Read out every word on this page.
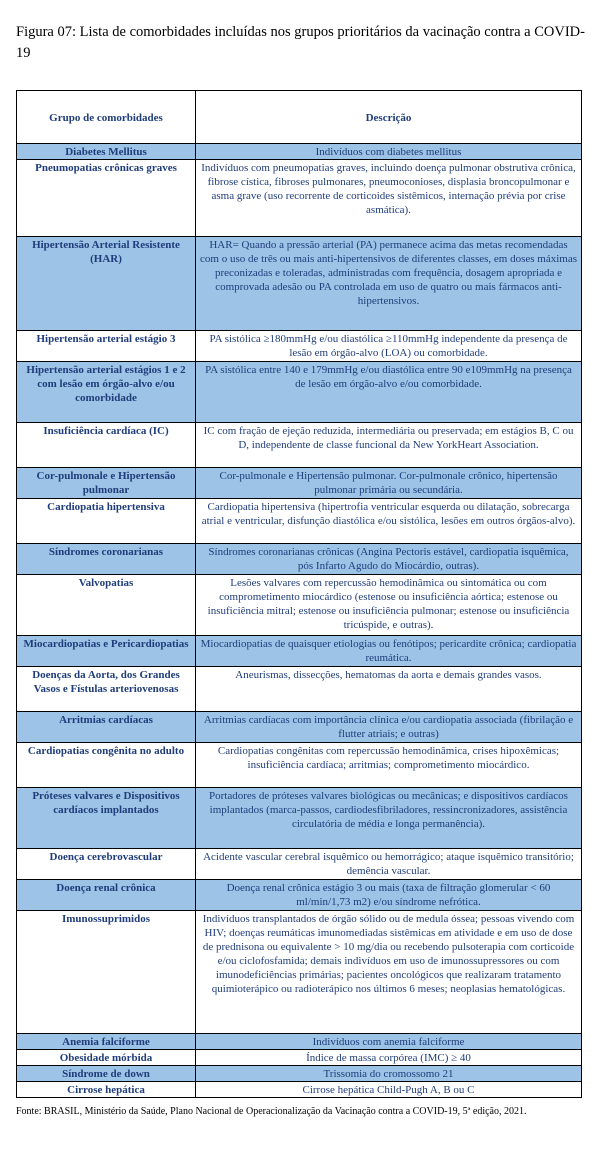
Figura 07: Lista de comorbidades incluídas nos grupos prioritários da vacinação contra a COVID-19
Grupo de comorbidades	Descrição
Diabetes Mellitus	Indivíduos com diabetes mellitus
Pneumopatias crônicas graves	Indivíduos com pneumopatias graves, incluindo doença pulmonar obstrutiva crônica, fibrose cística, fibroses pulmonares, pneumoconioses, displasia broncopulmonar e asma grave (uso recorrente de corticoides sistêmicos, internação prévia por crise asmática).
Hipertensão Arterial Resistente (HAR)	HAR= Quando a pressão arterial (PA) permanece acima das metas recomendadas com o uso de três ou mais anti-hipertensivos de diferentes classes, em doses máximas preconizadas e toleradas, administradas com frequência, dosagem apropriada e comprovada adesão ou PA controlada em uso de quatro ou mais fármacos anti-hipertensivos.
Hipertensão arterial estágio 3	PA sistólica ≥180mmHg e/ou diastólica ≥110mmHg independente da presença de lesão em órgão-alvo (LOA) ou comorbidade.
Hipertensão arterial estágios 1 e 2 com lesão em órgão-alvo e/ou comorbidade	PA sistólica entre 140 e 179mmHg e/ou diastólica entre 90 e109mmHg na presença de lesão em órgão-alvo e/ou comorbidade.
Insuficiência cardíaca (IC)	IC com fração de ejeção reduzida, intermediária ou preservada; em estágios B, C ou D, independente de classe funcional da New YorkHeart Association.
Cor-pulmonale e Hipertensão pulmonar	Cor-pulmonale e Hipertensão pulmonar. Cor-pulmonale crônico, hipertensão pulmonar primária ou secundária.
Cardiopatia hipertensiva	Cardiopatia hipertensiva (hipertrofia ventricular esquerda ou dilatação, sobrecarga atrial e ventricular, disfunção diastólica e/ou sistólica, lesões em outros órgãos-alvo).
Síndromes coronarianas	Síndromes coronarianas crônicas (Angina Pectoris estável, cardiopatia isquêmica, pós Infarto Agudo do Miocárdio, outras).
Valvopatias	Lesões valvares com repercussão hemodinâmica ou sintomática ou com comprometimento miocárdico (estenose ou insuficiência aórtica; estenose ou insuficiência mitral; estenose ou insuficiência pulmonar; estenose ou insuficiência tricúspide, e outras).
Miocardiopatias e Pericardiopatias	Miocardiopatias de quaisquer etiologias ou fenótipos; pericardite crônica; cardiopatia reumática.
Doenças da Aorta, dos Grandes Vasos e Fístulas arteriovenosas	Aneurismas, dissecções, hematomas da aorta e demais grandes vasos.
Arritmias cardíacas	Arritmias cardíacas com importância clínica e/ou cardiopatia associada (fibrilação e flutter atriais; e outras)
Cardiopatias congênita no adulto	Cardiopatias congênitas com repercussão hemodinâmica, crises hipoxêmicas; insuficiência cardíaca; arritmias; comprometimento miocárdico.
Próteses valvares e Dispositivos cardíacos implantados	Portadores de próteses valvares biológicas ou mecânicas; e dispositivos cardíacos implantados (marca-passos, cardiodesfibriladores, ressincronizadores, assistência circulatória de média e longa permanência).
Doença cerebrovascular	Acidente vascular cerebral isquêmico ou hemorrágico; ataque isquêmico transitório; demência vascular.
Doença renal crônica	Doença renal crônica estágio 3 ou mais (taxa de filtração glomerular < 60 ml/min/1,73 m2) e/ou síndrome nefrótica.
Imunossuprimidos	Indivíduos transplantados de órgão sólido ou de medula óssea; pessoas vivendo com HIV; doenças reumáticas imunomediadas sistêmicas em atividade e em uso de dose de prednisona ou equivalente > 10 mg/dia ou recebendo pulsoterapia com corticoide e/ou ciclofosfamida; demais indivíduos em uso de imunossupressores ou com imunodeficiências primárias; pacientes oncológicos que realizaram tratamento quimioterápico ou radioterápico nos últimos 6 meses; neoplasias hematológicas.
Anemia falciforme	Indivíduos com anemia falciforme
Obesidade mórbida	Índice de massa corpórea (IMC) ≥ 40
Síndrome de down	Trissomia do cromossomo 21
Cirrose hepática	Cirrose hepática Child-Pugh A, B ou C
Fonte: BRASIL, Ministério da Saúde, Plano Nacional de Operacionalização da Vacinação contra a COVID-19, 5ª edição, 2021.
